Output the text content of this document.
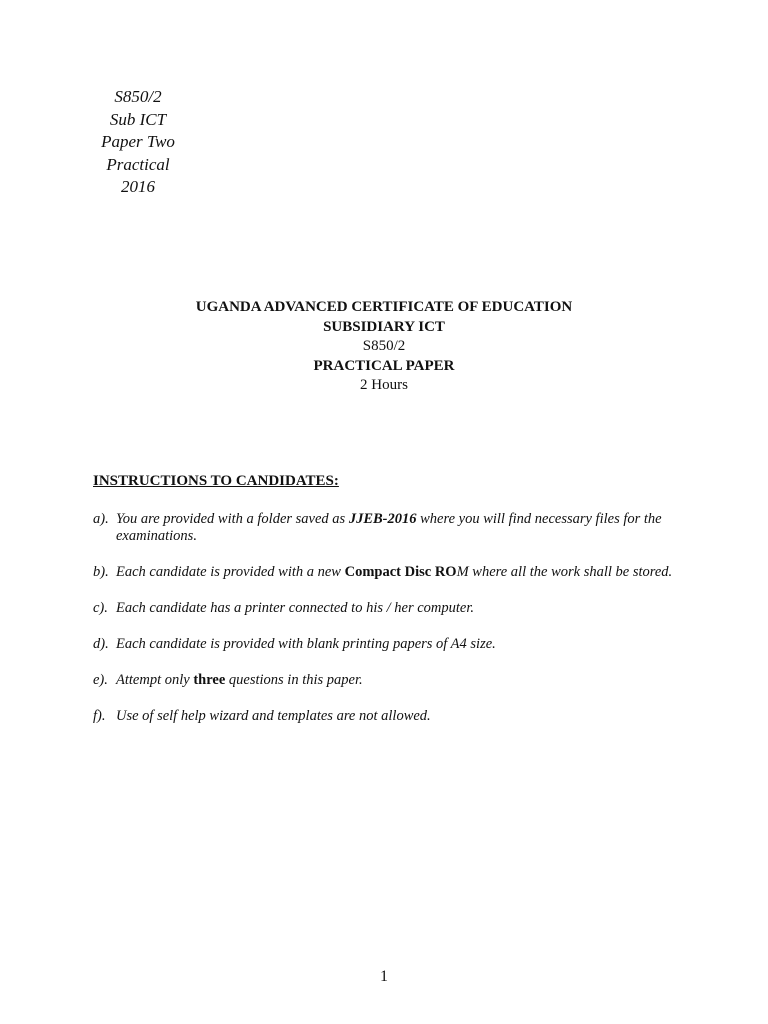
S850/2
Sub ICT
Paper Two
Practical
2016
UGANDA ADVANCED CERTIFICATE OF EDUCATION
SUBSIDIARY ICT
S850/2
PRACTICAL PAPER
2 Hours
INSTRUCTIONS TO CANDIDATES:
a). You are provided with a folder saved as JJEB-2016 where you will find necessary files for the examinations.
b). Each candidate is provided with a new Compact Disc ROM where all the work shall be stored.
c). Each candidate has a printer connected to his / her computer.
d). Each candidate is provided with blank printing papers of A4 size.
e). Attempt only three questions in this paper.
f). Use of self help wizard and templates are not allowed.
1
